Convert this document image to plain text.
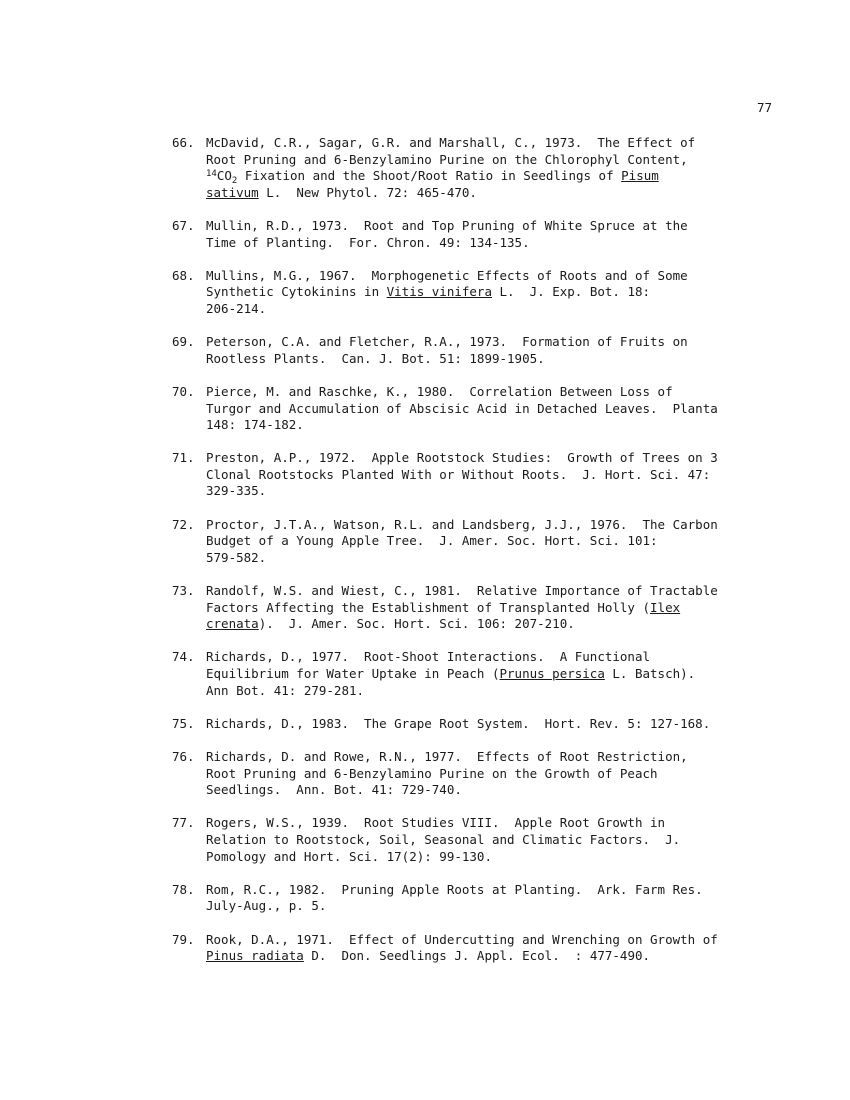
77
66. McDavid, C.R., Sagar, G.R. and Marshall, C., 1973.  The Effect of
Root Pruning and 6-Benzylamino Purine on the Chlorophyl Content,
$^{14}CO_2$ Fixation and the Shoot/Root Ratio in Seedlings of Pisum
sativum L.  New Phytol. 72: 465-470.
67. Mullin, R.D., 1973.  Root and Top Pruning of White Spruce at the
Time of Planting.  For. Chron. 49: 134-135.
68. Mullins, M.G., 1967.  Morphogenetic Effects of Roots and of Some
Synthetic Cytokinins in Vitis vinifera L.  J. Exp. Bot. 18:
206-214.
69. Peterson, C.A. and Fletcher, R.A., 1973.  Formation of Fruits on
Rootless Plants.  Can. J. Bot. 51: 1899-1905.
70. Pierce, M. and Raschke, K., 1980.  Correlation Between Loss of
Turgor and Accumulation of Abscisic Acid in Detached Leaves.  Planta
148: 174-182.
71. Preston, A.P., 1972.  Apple Rootstock Studies:  Growth of Trees on 3
Clonal Rootstocks Planted With or Without Roots.  J. Hort. Sci. 47:
329-335.
72. Proctor, J.T.A., Watson, R.L. and Landsberg, J.J., 1976.  The Carbon
Budget of a Young Apple Tree.  J. Amer. Soc. Hort. Sci. 101:
579-582.
73. Randolf, W.S. and Wiest, C., 1981.  Relative Importance of Tractable
Factors Affecting the Establishment of Transplanted Holly (Ilex
crenata).  J. Amer. Soc. Hort. Sci. 106: 207-210.
74. Richards, D., 1977.  Root-Shoot Interactions.  A Functional
Equilibrium for Water Uptake in Peach (Prunus persica L. Batsch).
Ann Bot. 41: 279-281.
75. Richards, D., 1983.  The Grape Root System.  Hort. Rev. 5: 127-168.
76. Richards, D. and Rowe, R.N., 1977.  Effects of Root Restriction,
Root Pruning and 6-Benzylamino Purine on the Growth of Peach
Seedlings.  Ann. Bot. 41: 729-740.
77. Rogers, W.S., 1939.  Root Studies VIII.  Apple Root Growth in
Relation to Rootstock, Soil, Seasonal and Climatic Factors.  J.
Pomology and Hort. Sci. 17(2): 99-130.
78. Rom, R.C., 1982.  Pruning Apple Roots at Planting.  Ark. Farm Res.
July-Aug., p. 5.
79. Rook, D.A., 1971.  Effect of Undercutting and Wrenching on Growth of
Pinus radiata D.  Don. Seedlings J. Appl. Ecol.  : 477-490.
